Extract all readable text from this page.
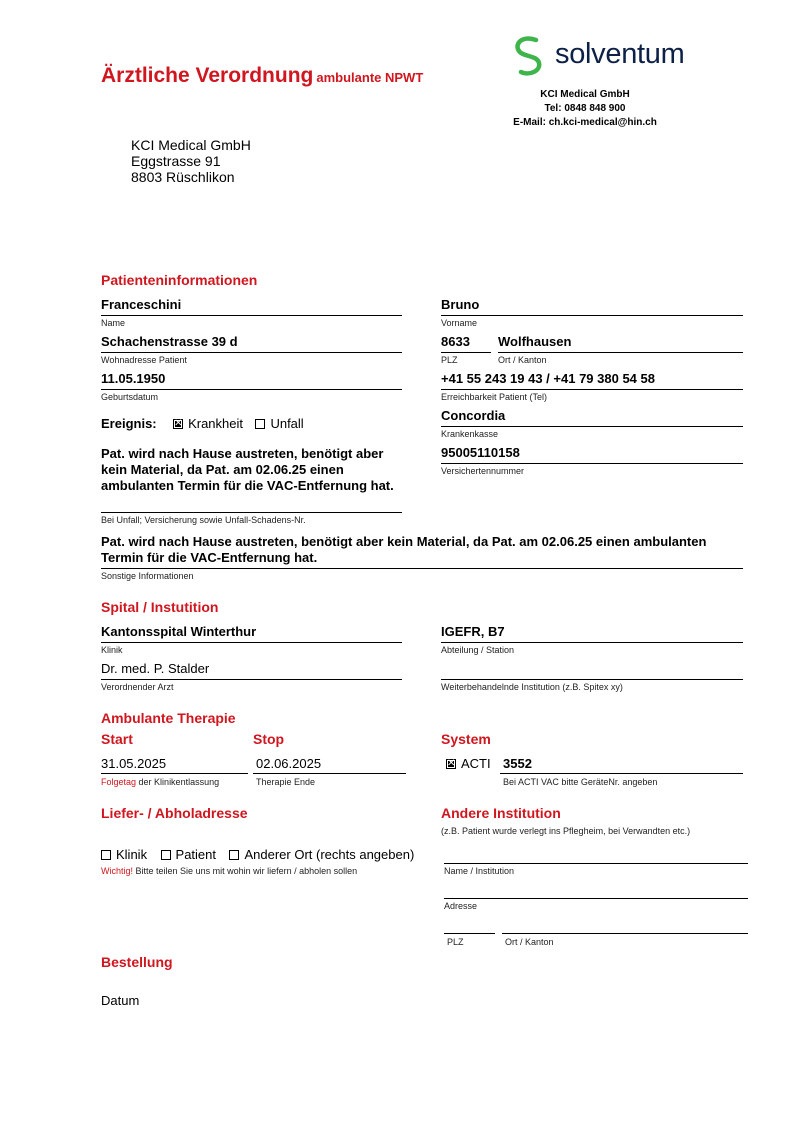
Ärztliche Verordnung ambulante NPWT
solventum
KCI Medical GmbH
Tel: 0848 848 900
E-Mail: ch.kci-medical@hin.ch
KCI Medical GmbH
Eggstrasse 91
8803 Rüschlikon
Patienteninformationen
Franceschini
Name
Bruno
Vorname
Schachenstrasse 39 d
Wohnadresse Patient
8633
PLZ
Wolfhausen
Ort / Kanton
11.05.1950
Geburtsdatum
+41 55 243 19 43 / +41 79 380 54 58
Erreichbarkeit Patient (Tel)
Ereignis: ✕ Krankheit Unfall
Concordia
Krankenkasse
95005110158
Versichertennummer
Pat. wird nach Hause austreten, benötigt aber kein Material, da Pat. am 02.06.25 einen ambulanten Termin für die VAC-Entfernung hat.
Bei Unfall; Versicherung sowie Unfall-Schadens-Nr.
Pat. wird nach Hause austreten, benötigt aber kein Material, da Pat. am 02.06.25 einen ambulanten Termin für die VAC-Entfernung hat.
Sonstige Informationen
Spital / Instutition
Kantonsspital Winterthur
Klinik
IGEFR, B7
Abteilung / Station
Dr. med. P. Stalder
Verordnender Arzt	Weiterbehandelnde Institution (z.B. Spitex xy)
Ambulante Therapie
Start	Stop	System
31.05.2025
Folgetag der Klinikentlassung
02.06.2025
Therapie Ende
✕ACTI 3552
Bei ACTI VAC bitte GeräteNr. angeben
Liefer- / Abholadresse
Klinik Patient Anderer Ort (rechts angeben)
Wichtig! Bitte teilen Sie uns mit wohin wir liefern / abholen sollen
Andere Institution
(z.B. Patient wurde verlegt ins Pflegheim, bei Verwandten etc.)
Name / Institution
Adresse
PLZ	Ort / Kanton
Bestellung
Datum
